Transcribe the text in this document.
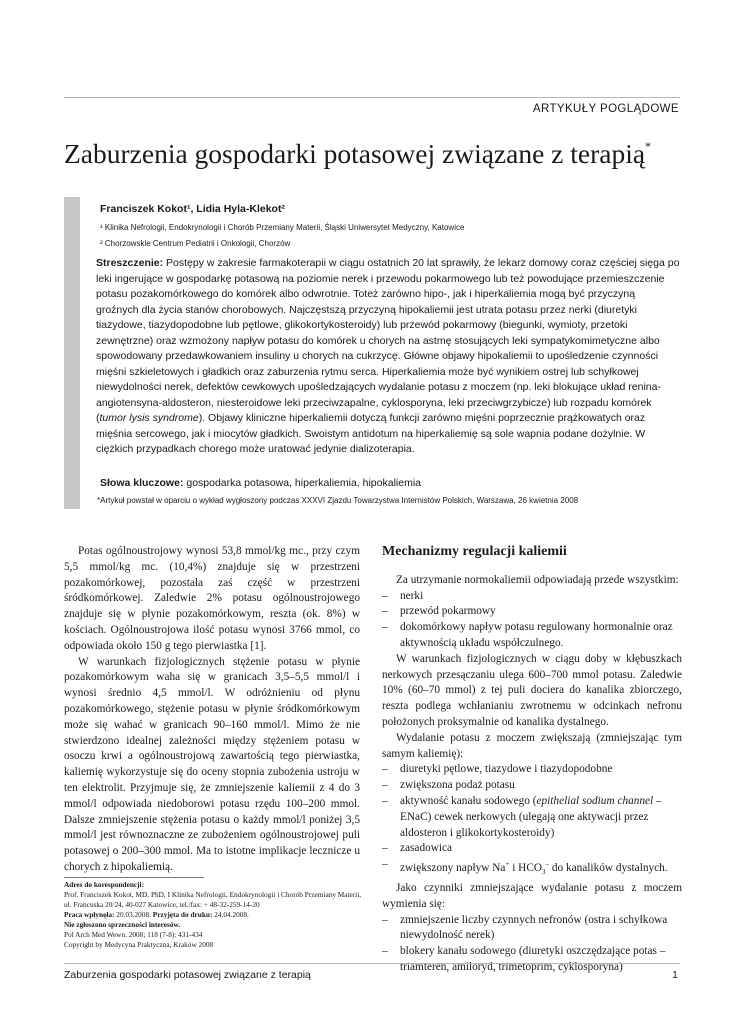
ARTYKUŁY POGLĄDOWE
Zaburzenia gospodarki potasowej związane z terapią*
Franciszek Kokot¹, Lidia Hyla-Klekot²
¹ Klinika Nefrologii, Endokrynologii i Chorób Przemiany Materii, Śląski Uniwersytet Medyczny, Katowice
² Chorzowskie Centrum Pediatrii i Onkologii, Chorzów

Streszczenie: Postępy w zakresie farmakoterapii w ciągu ostatnich 20 lat sprawiły, że lekarz domowy coraz częściej sięga po leki ingerujące w gospodarkę potasową na poziomie nerek i przewodu pokarmowego lub też powodujące przemieszczenie potasu pozakomórkowego do komórek albo odwrotnie. Toteż zarówno hipo-, jak i hiperkaliemia mogą być przyczyną groźnych dla życia stanów chorobowych. Najczęstszą przyczyną hipokaliemii jest utrata potasu przez nerki (diuretyki tiazydowe, tiazydopodobne lub pętlowe, glikokortykosteroidy) lub przewód pokarmowy (biegunki, wymioty, przetoki zewnętrzne) oraz wzmożony napływ potasu do komórek u chorych na astmę stosujących leki sympatykomimetyczne albo spowodowany przedawkowaniem insuliny u chorych na cukrzycę. Główne objawy hipokaliemii to upośledzenie czynności mięśni szkieletowych i gładkich oraz zaburzenia rytmu serca. Hiperkaliemia może być wynikiem ostrej lub schyłkowej niewydolności nerek, defektów cewkowych upośledzających wydalanie potasu z moczem (np. leki blokujące układ renina-angiotensyna-aldosteron, niesteroidowe leki przeciwzapalne, cyklosporyna, leki przeciwgrzybicze) lub rozpadu komórek (tumor lysis syndrome). Objawy kliniczne hiperkaliemii dotyczą funkcji zarówno mięśni poprzecznie prążkowatych oraz mięśnia sercowego, jak i miocytów gładkich. Swoistym antidotum na hiperkaliemię są sole wapnia podane dożylnie. W ciężkich przypadkach chorego może uratować jedynie dializoterapia.

Słowa kluczowe: gospodarka potasowa, hiperkaliemia, hipokaliemia
*Artykuł powstał w oparciu o wykład wygłoszony podczas XXXVI Zjazdu Towarzystwa Internistów Polskich, Warszawa, 26 kwietnia 2008

Potas ogólnoustrojowy wynosi 53,8 mmol/kg mc., przy czym 5,5 mmol/kg mc. (10,4%) znajduje się w przestrzeni pozakomórkowej, pozostała zaś część w przestrzeni śródkomórkowej. Zaledwie 2% potasu ogólnoustrojowego znajduje się w płynie pozakomórkowym, reszta (ok. 8%) w kościach. Ogólnoustrojowa ilość potasu wynosi 3766 mmol, co odpowiada około 150 g tego pierwiastka [1].

W warunkach fizjologicznych stężenie potasu w płynie pozakomórkowym waha się w granicach 3,5–5,5 mmol/l i wynosi średnio 4,5 mmol/l. W odróżnieniu od płynu pozakomórkowego, stężenie potasu w płynie śródkomórkowym może się wahać w granicach 90–160 mmol/l. Mimo że nie stwierdzono idealnej zależności między stężeniem potasu w osoczu krwi a ogólnoustrojową zawartością tego pierwiastka, kaliemię wykorzystuje się do oceny stopnia zubożenia ustroju w ten elektrolit. Przyjmuje się, że zmniejszenie kaliemii z 4 do 3 mmol/l odpowiada niedoborowi potasu rzędu 100–200 mmol. Dalsze zmniejszenie stężenia potasu o każdy mmol/l poniżej 3,5 mmol/l jest równoznaczne ze zubożeniem ogólnoustrojowej puli potasowej o 200–300 mmol. Ma to istotne implikacje lecznicze u chorych z hipokaliemią.

Mechanizmy regulacji kaliemii

Za utrzymanie normokaliemii odpowiadają przede wszystkim:

– nerki
– przewód pokarmowy
– dokomórkowy napływ potasu regulowany hormonalnie oraz aktywnością układu współczulnego.

W warunkach fizjologicznych w ciągu doby w kłębuszkach nerkowych przesączaniu ulega 600–700 mmol potasu. Zaledwie 10% (60–70 mmol) z tej puli dociera do kanalika zbiorczego, reszta podlega wchłanianiu zwrotnemu w odcinkach nefronu położonych proksymalnie od kanalika dystalnego.

Wydalanie potasu z moczem zwiększają (zmniejszając tym samym kaliemię):

– diuretyki pętlowe, tiazydowe i tiazydopodobne
– zwiększona podaż potasu
– aktywność kanału sodowego (epithelial sodium channel – ENaC) cewek nerkowych (ulegają one aktywacji przez aldosteron i glikokortykosteroidy)
– zasadowica
– zwiększony napływ Na+ i $HCO_3^-$ do kanalików dystalnych.

Jako czynniki zmniejszające wydalanie potasu z moczem wymienia się:

– zmniejszenie liczby czynnych nefronów (ostra i schyłkowa niewydolność nerek)
– blokery kanału sodowego (diuretyki oszczędzające potas – triamteren, amiloryd, trimetoprim, cyklosporyna)
Adres do korespondencji:
Prof. Franciszek Kokot, MD, PhD, I Klinika Nefrologii, Endokrynologii i Chorób Przemiany Materii, ul. Francuska 20/24, 40-027 Katowice, tel./fax: + 48-32-259-14-20
Praca wpłynęła: 20.03.2008. Przyjęta do druku: 24.04.2008.
Nie zgłoszono sprzeczności interesów.
Pol Arch Med Wewn. 2008; 118 (7-8): 431-434
Copyright by Medycyna Praktyczna, Kraków 2008
Zaburzenia gospodarki potasowej związane z terapią	1
